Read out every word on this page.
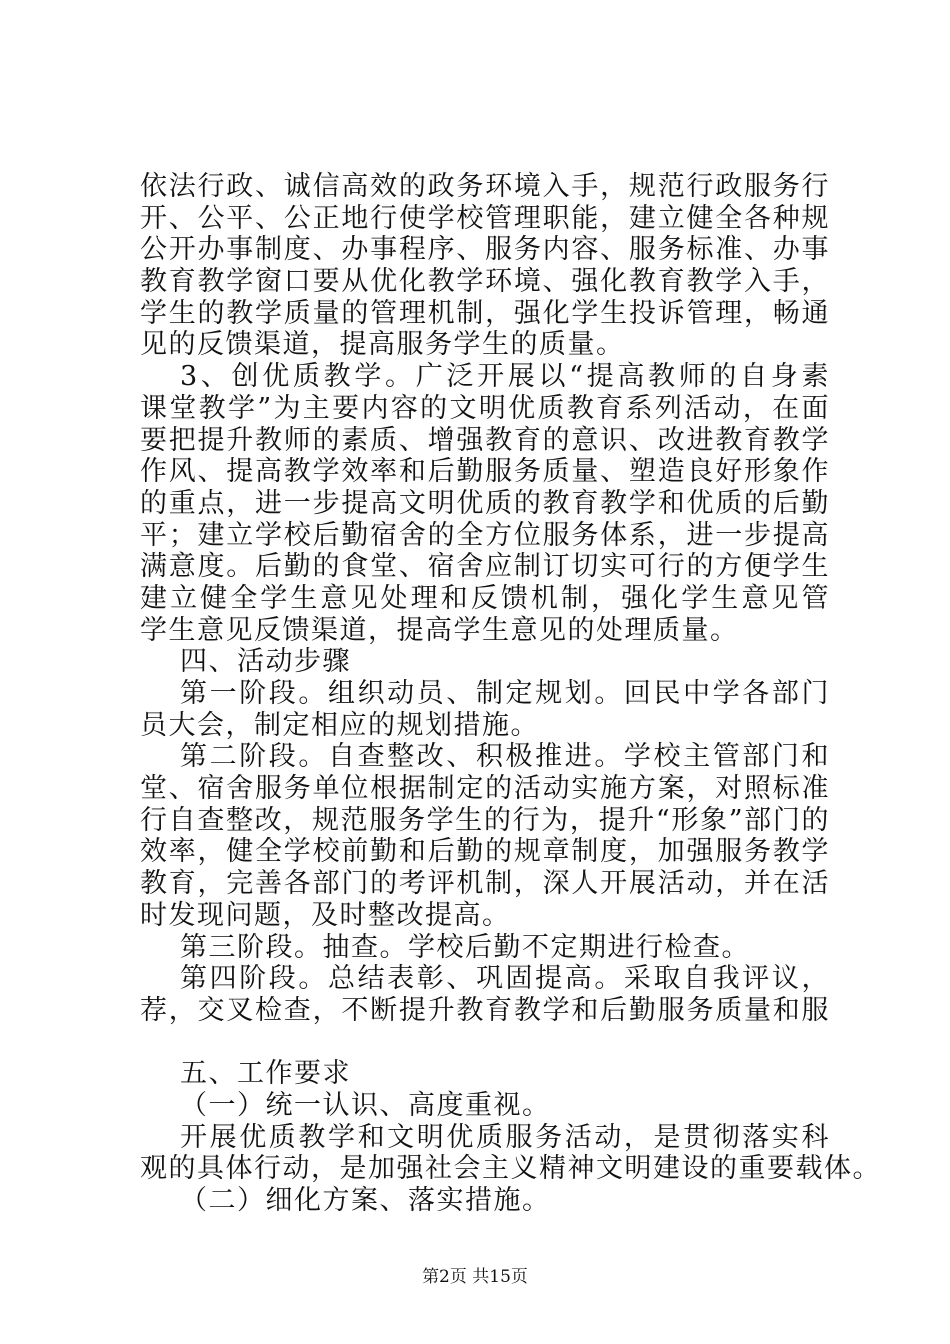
依法行政、诚信高效的政务环境入手，规范行政服务行
开、公平、公正地行使学校管理职能，建立健全各种规
公开办事制度、办事程序、服务内容、服务标准、办事
教育教学窗口要从优化教学环境、强化教育教学入手，
学生的教学质量的管理机制，强化学生投诉管理，畅通
见的反馈渠道，提高服务学生的质量。
3、创优质教学。广泛开展以“提高教师的自身素
课堂教学”为主要内容的文明优质教育系列活动，在面
要把提升教师的素质、增强教育的意识、改进教育教学
作风、提高教学效率和后勤服务质量、塑造良好形象作
的重点，进一步提高文明优质的教育教学和优质的后勤
平；建立学校后勤宿舍的全方位服务体系，进一步提高
满意度。后勤的食堂、宿舍应制订切实可行的方便学生
建立健全学生意见处理和反馈机制，强化学生意见管
学生意见反馈渠道，提高学生意见的处理质量。
四、活动步骤
第一阶段。组织动员、制定规划。回民中学各部门
员大会，制定相应的规划措施。
第二阶段。自查整改、积极推进。学校主管部门和
堂、宿舍服务单位根据制定的活动实施方案，对照标准
行自查整改，规范服务学生的行为，提升“形象”部门的
效率，健全学校前勤和后勤的规章制度，加强服务教学
教育，完善各部门的考评机制，深人开展活动，并在活
时发现问题，及时整改提高。
第三阶段。抽查。学校后勤不定期进行检查。
第四阶段。总结表彰、巩固提高。采取自我评议，
荐，交叉检查，不断提升教育教学和后勤服务质量和服
五、工作要求
（一）统一认识、高度重视。
开展优质教学和文明优质服务活动，是贯彻落实科
观的具体行动，是加强社会主义精神文明建设的重要载体。
（二）细化方案、落实措施。
第2页 共15页
